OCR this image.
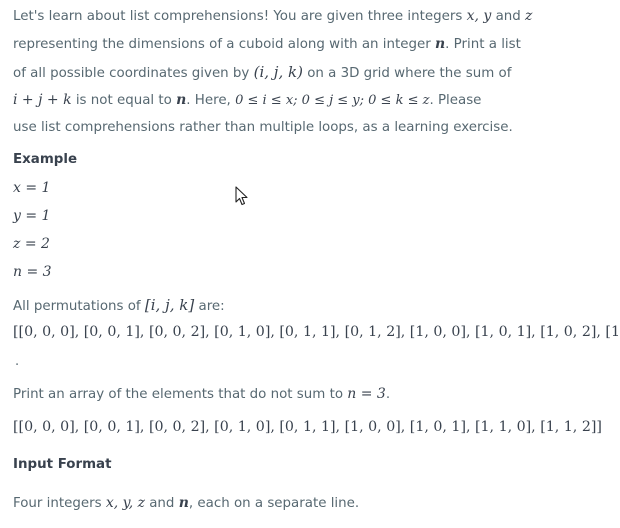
Let's learn about list comprehensions! You are given three integers x, y and z
representing the dimensions of a cuboid along with an integer n. Print a list
of all possible coordinates given by (i, j, k) on a 3D grid where the sum of
i + j + k is not equal to n. Here, 0 ≤ i ≤ x; 0 ≤ j ≤ y; 0 ≤ k ≤ z. Please
use list comprehensions rather than multiple loops, as a learning exercise.
Example
x = 1
y = 1
z = 2
n = 3
All permutations of [i, j, k] are:
[[0, 0, 0], [0, 0, 1], [0, 0, 2], [0, 1, 0], [0, 1, 1], [0, 1, 2], [1, 0, 0], [1, 0, 1], [1, 0, 2], [1
.
Print an array of the elements that do not sum to n = 3.
[[0, 0, 0], [0, 0, 1], [0, 0, 2], [0, 1, 0], [0, 1, 1], [1, 0, 0], [1, 0, 1], [1, 1, 0], [1, 1, 2]]
Input Format
Four integers x, y, z and n, each on a separate line.
